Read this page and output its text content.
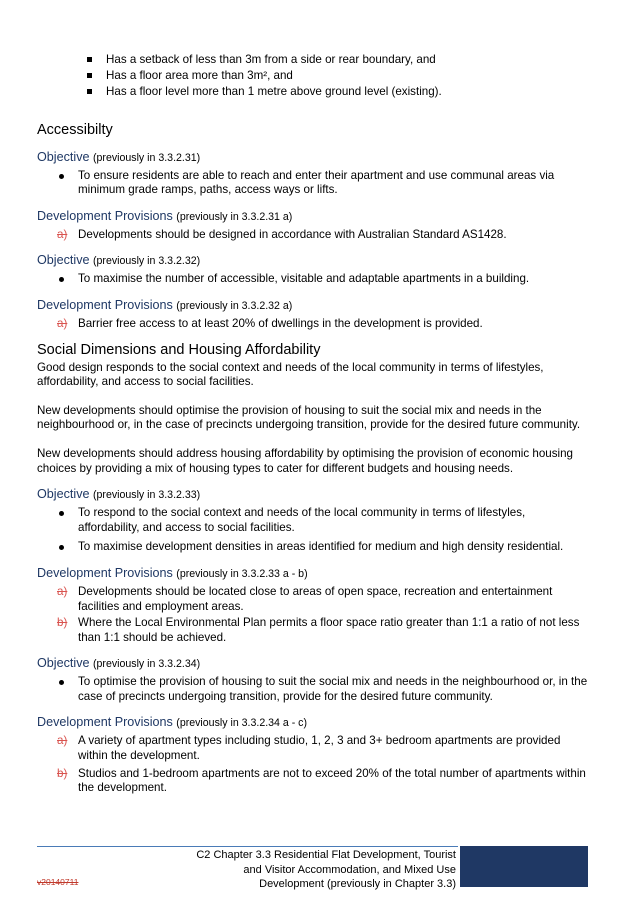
Has a setback of less than 3m from a side or rear boundary, and
Has a floor area more than 3m², and
Has a floor level more than 1 metre above ground level (existing).
Accessibilty
Objective (previously in 3.3.2.31)
To ensure residents are able to reach and enter their apartment and use communal areas via minimum grade ramps, paths, access ways or lifts.
Development Provisions (previously in 3.3.2.31 a)
a) Developments should be designed in accordance with Australian Standard AS1428.
Objective (previously in 3.3.2.32)
To maximise the number of accessible, visitable and adaptable apartments in a building.
Development Provisions (previously in 3.3.2.32 a)
a) Barrier free access to at least 20% of dwellings in the development is provided.
Social Dimensions and Housing Affordability

Good design responds to the social context and needs of the local community in terms of lifestyles, affordability, and access to social facilities.

New developments should optimise the provision of housing to suit the social mix and needs in the neighbourhood or, in the case of precincts undergoing transition, provide for the desired future community.

New developments should address housing affordability by optimising the provision of economic housing choices by providing a mix of housing types to cater for different budgets and housing needs.

Objective (previously in 3.3.2.33)
To respond to the social context and needs of the local community in terms of lifestyles, affordability, and access to social facilities.
To maximise development densities in areas identified for medium and high density residential.
Development Provisions (previously in 3.3.2.33 a - b)
a) Developments should be located close to areas of open space, recreation and entertainment facilities and employment areas.
b) Where the Local Environmental Plan permits a floor space ratio greater than 1:1 a ratio of not less than 1:1 should be achieved.
Objective (previously in 3.3.2.34)
To optimise the provision of housing to suit the social mix and needs in the neighbourhood or, in the case of precincts undergoing transition, provide for the desired future community.
Development Provisions (previously in 3.3.2.34 a - c)
a) A variety of apartment types including studio, 1, 2, 3 and 3+ bedroom apartments are provided within the development.
b) Studios and 1-bedroom apartments are not to exceed 20% of the total number of apartments within the development.
C2 Chapter 3.3 Residential Flat Development, Tourist
and Visitor Accommodation, and Mixed Use
Development (previously in Chapter 3.3)
v20140711
